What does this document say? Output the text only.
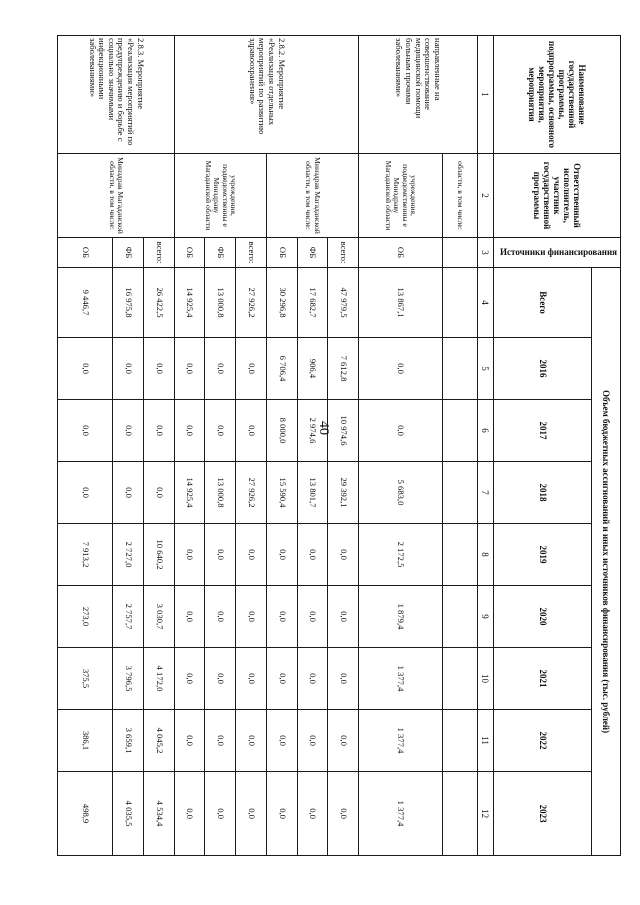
40
Наименование государственной программы, подпрограммы, основного мероприятия, мероприятия	Ответственный исполнитель, участник государственной программы	Источники финансирования	Объем бюджетных ассигнований и иных источников финансирования (тыс. рублей)								
			Всего	2016	2017	2018	2019	2020	2021	2022	2023
1	2	3	4	5	6	7	8	9	10	11	12
направленные на совершенствование медицинской помощи больным прочими заболеваниями»	области, в том числе:										
	учреждения, подведомственны е Минздраву Магаданской области	ОБ	13 867,1	0,0	0,0	5 683,0	2 172,5	1 879,4	1 377,4	1 377,4	1 377,4
2.8.2. Мероприятие «Реализация отдельных мероприятий по развитию здравоохранения»	Минздрав Магаданской области, в том числе:	всего:	47 979,5	7 612,8	10 974,6	29 392,1	0,0	0,0	0,0	0,0	0,0
		ФБ	17 682,7	906,4	2 974,6	13 801,7	0,0	0,0	0,0	0,0	0,0
		ОБ	30 296,8	6 706,4	8 000,0	15 590,4	0,0	0,0	0,0	0,0	0,0
	учреждения, подведомственны е Минздраву Магаданской области	всего:	27 926,2	0,0	0,0	27 926,2	0,0	0,0	0,0	0,0	0,0
		ФБ	13 000,8	0,0	0,0	13 000,8	0,0	0,0	0,0	0,0	0,0
		ОБ	14 925,4	0,0	0,0	14 925,4	0,0	0,0	0,0	0,0	0,0
2.8.3. Мероприятие «Реализация мероприятий по предупреждению и борьбе с социально значимыми инфекционными заболеваниями»	Минздрав Магаданской области, в том числе:	всего:	26 422,5	0,0	0,0	0,0	10 640,2	3 030,7	4 172,0	4 045,2	4 534,4
		ФБ	16 975,8	0,0	0,0	0,0	2 727,0	2 757,7	3 796,5	3 659,1	4 035,5
		ОБ	9 446,7	0,0	0,0	0,0	7 913,2	273,0	375,5	386,1	498,9
